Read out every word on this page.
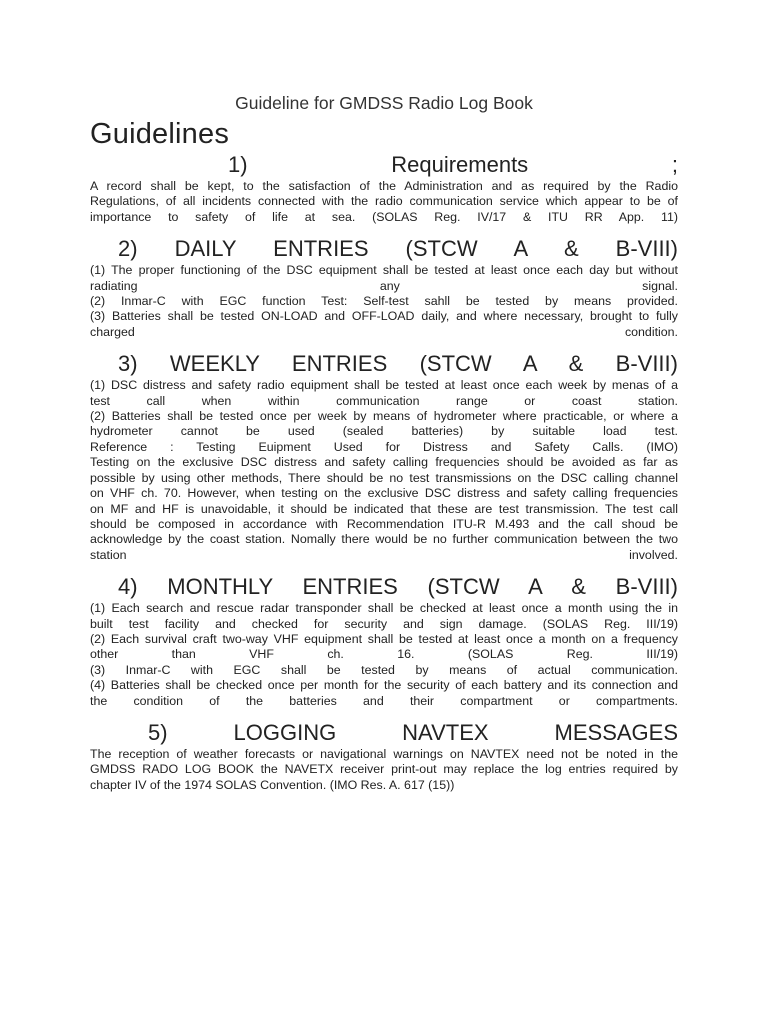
Guideline for GMDSS Radio Log Book

Guidelines

1)	Requirements	;

A record shall be kept, to the satisfaction of the Administration and as required by the Radio
Regulations, of all incidents connected with the radio communication service which appear to be of
importance to safety of life at sea. (SOLAS Reg. IV/17 & ITU RR App. 11)

2) DAILY ENTRIES (STCW A & B-VIII)

(1) The proper functioning of the DSC equipment shall be tested at least once each day but without
radiating any signal.
(2) Inmar-C with EGC function Test: Self-test sahll be tested by means provided.
(3) Batteries shall be tested ON-LOAD and OFF-LOAD daily, and where necessary, brought to fully
charged condition.

3) WEEKLY ENTRIES (STCW A & B-VIII)

(1) DSC distress and safety radio equipment shall be tested at least once each week by menas of a
test call when within communication range or coast station.
(2) Batteries shall be tested once per week by means of hydrometer where practicable, or where a
hydrometer cannot be used (sealed batteries) by suitable load test.
Reference : Testing Euipment Used for Distress and Safety Calls. (IMO)
Testing on the exclusive DSC distress and safety calling frequencies should be avoided as far as
possible by using other methods, There should be no test transmissions on the DSC calling channel
on VHF ch. 70. However, when testing on the exclusive DSC distress and safety calling frequencies
on MF and HF is unavoidable, it should be indicated that these are test transmission. The test call
should be composed in accordance with Recommendation ITU-R M.493 and the call shoud be
acknowledge by the coast station. Nomally there would be no further communication between the two
station involved.

4) MONTHLY ENTRIES (STCW A & B-VIII)

(1) Each search and rescue radar transponder shall be checked at least once a month using the in
built test facility and checked for security and sign damage. (SOLAS Reg. III/19)
(2) Each survival craft two-way VHF equipment shall be tested at least once a month on a frequency
other than VHF ch. 16. (SOLAS Reg. III/19)
(3) Inmar-C with EGC shall be tested by means of actual communication.
(4) Batteries shall be checked once per month for the security of each battery and its connection and
the condition of the batteries and their compartment or compartments.

5) LOGGING NAVTEX MESSAGES

The reception of weather forecasts or navigational warnings on NAVTEX need not be noted in the
GMDSS RADO LOG BOOK the NAVETX receiver print-out may replace the log entries required by
chapter IV of the 1974 SOLAS Convention. (IMO Res. A. 617 (15))
